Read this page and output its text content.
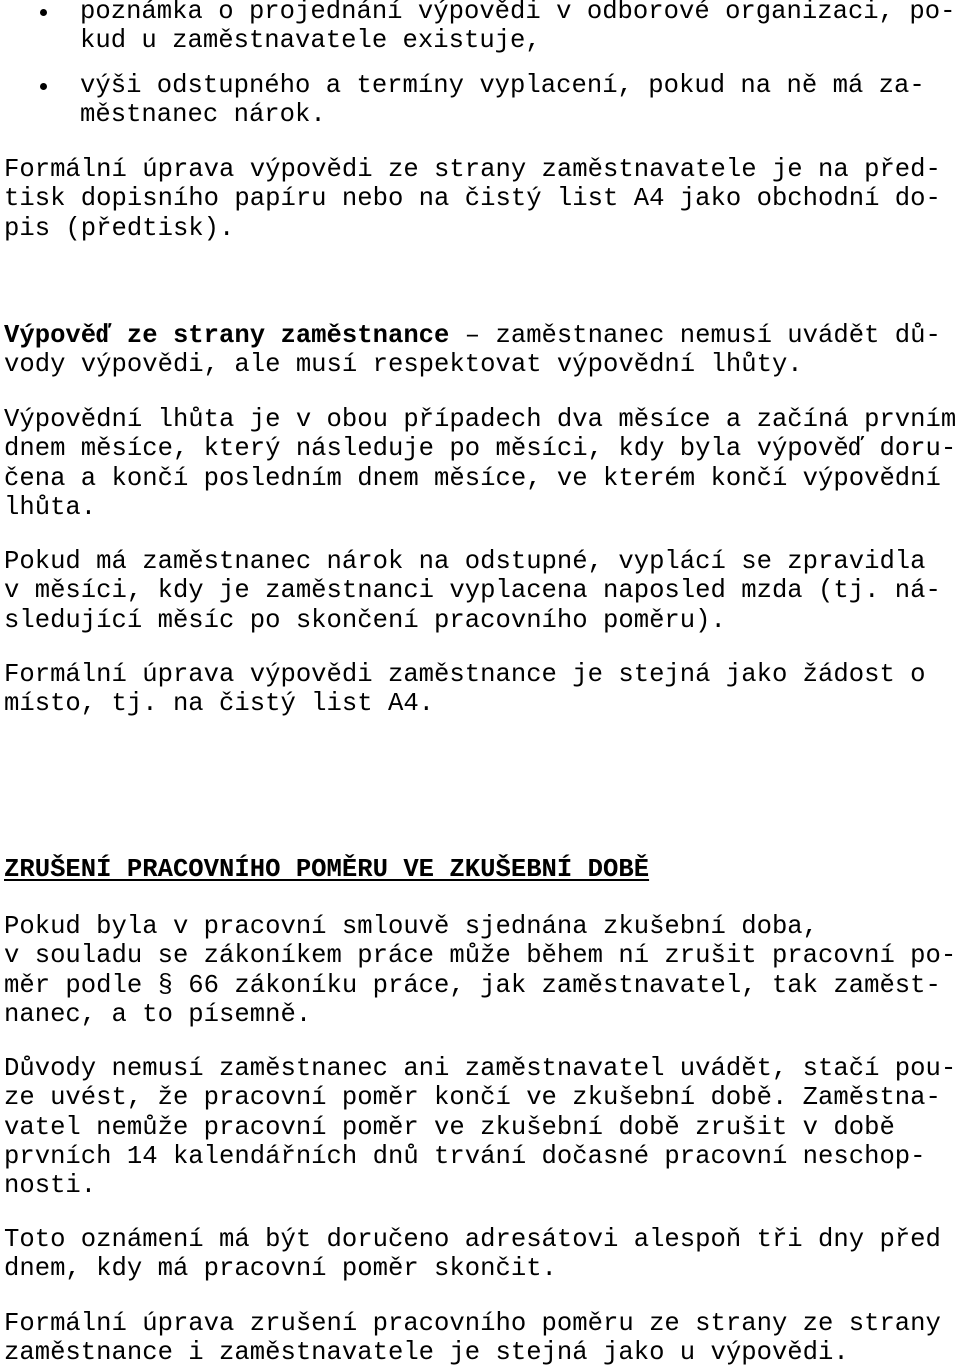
poznámka o projednání výpovědi v odborové organizaci, po-
kud u zaměstnavatele existuje,
výši odstupného a termíny vyplacení, pokud na ně má za-
městnanec nárok.
Formální úprava výpovědi ze strany zaměstnavatele je na před-
tisk dopisního papíru nebo na čistý list A4 jako obchodní do-
pis (předtisk).
Výpověď ze strany zaměstnance – zaměstnanec nemusí uvádět dů-
vody výpovědi, ale musí respektovat výpovědní lhůty.
Výpovědní lhůta je v obou případech dva měsíce a začíná prvním
dnem měsíce, který následuje po měsíci, kdy byla výpověď doru-
čena a končí posledním dnem měsíce, ve kterém končí výpovědní
lhůta.
Pokud má zaměstnanec nárok na odstupné, vyplácí se zpravidla
v měsíci, kdy je zaměstnanci vyplacena naposled mzda (tj. ná-
sledující měsíc po skončení pracovního poměru).
Formální úprava výpovědi zaměstnance je stejná jako žádost o
místo, tj. na čistý list A4.
ZRUŠENÍ PRACOVNÍHO POMĚRU VE ZKUŠEBNÍ DOBĚ
Pokud byla v pracovní smlouvě sjednána zkušební doba,
v souladu se zákoníkem práce může během ní zrušit pracovní po-
měr podle § 66 zákoníku práce, jak zaměstnavatel, tak zaměst-
nanec, a to písemně.
Důvody nemusí zaměstnanec ani zaměstnavatel uvádět, stačí pou-
ze uvést, že pracovní poměr končí ve zkušební době. Zaměstna-
vatel nemůže pracovní poměr ve zkušební době zrušit v době
prvních 14 kalendářních dnů trvání dočasné pracovní neschop-
nosti.
Toto oznámení má být doručeno adresátovi alespoň tři dny před
dnem, kdy má pracovní poměr skončit.
Formální úprava zrušení pracovního poměru ze strany ze strany
zaměstnance i zaměstnavatele je stejná jako u výpovědi.
